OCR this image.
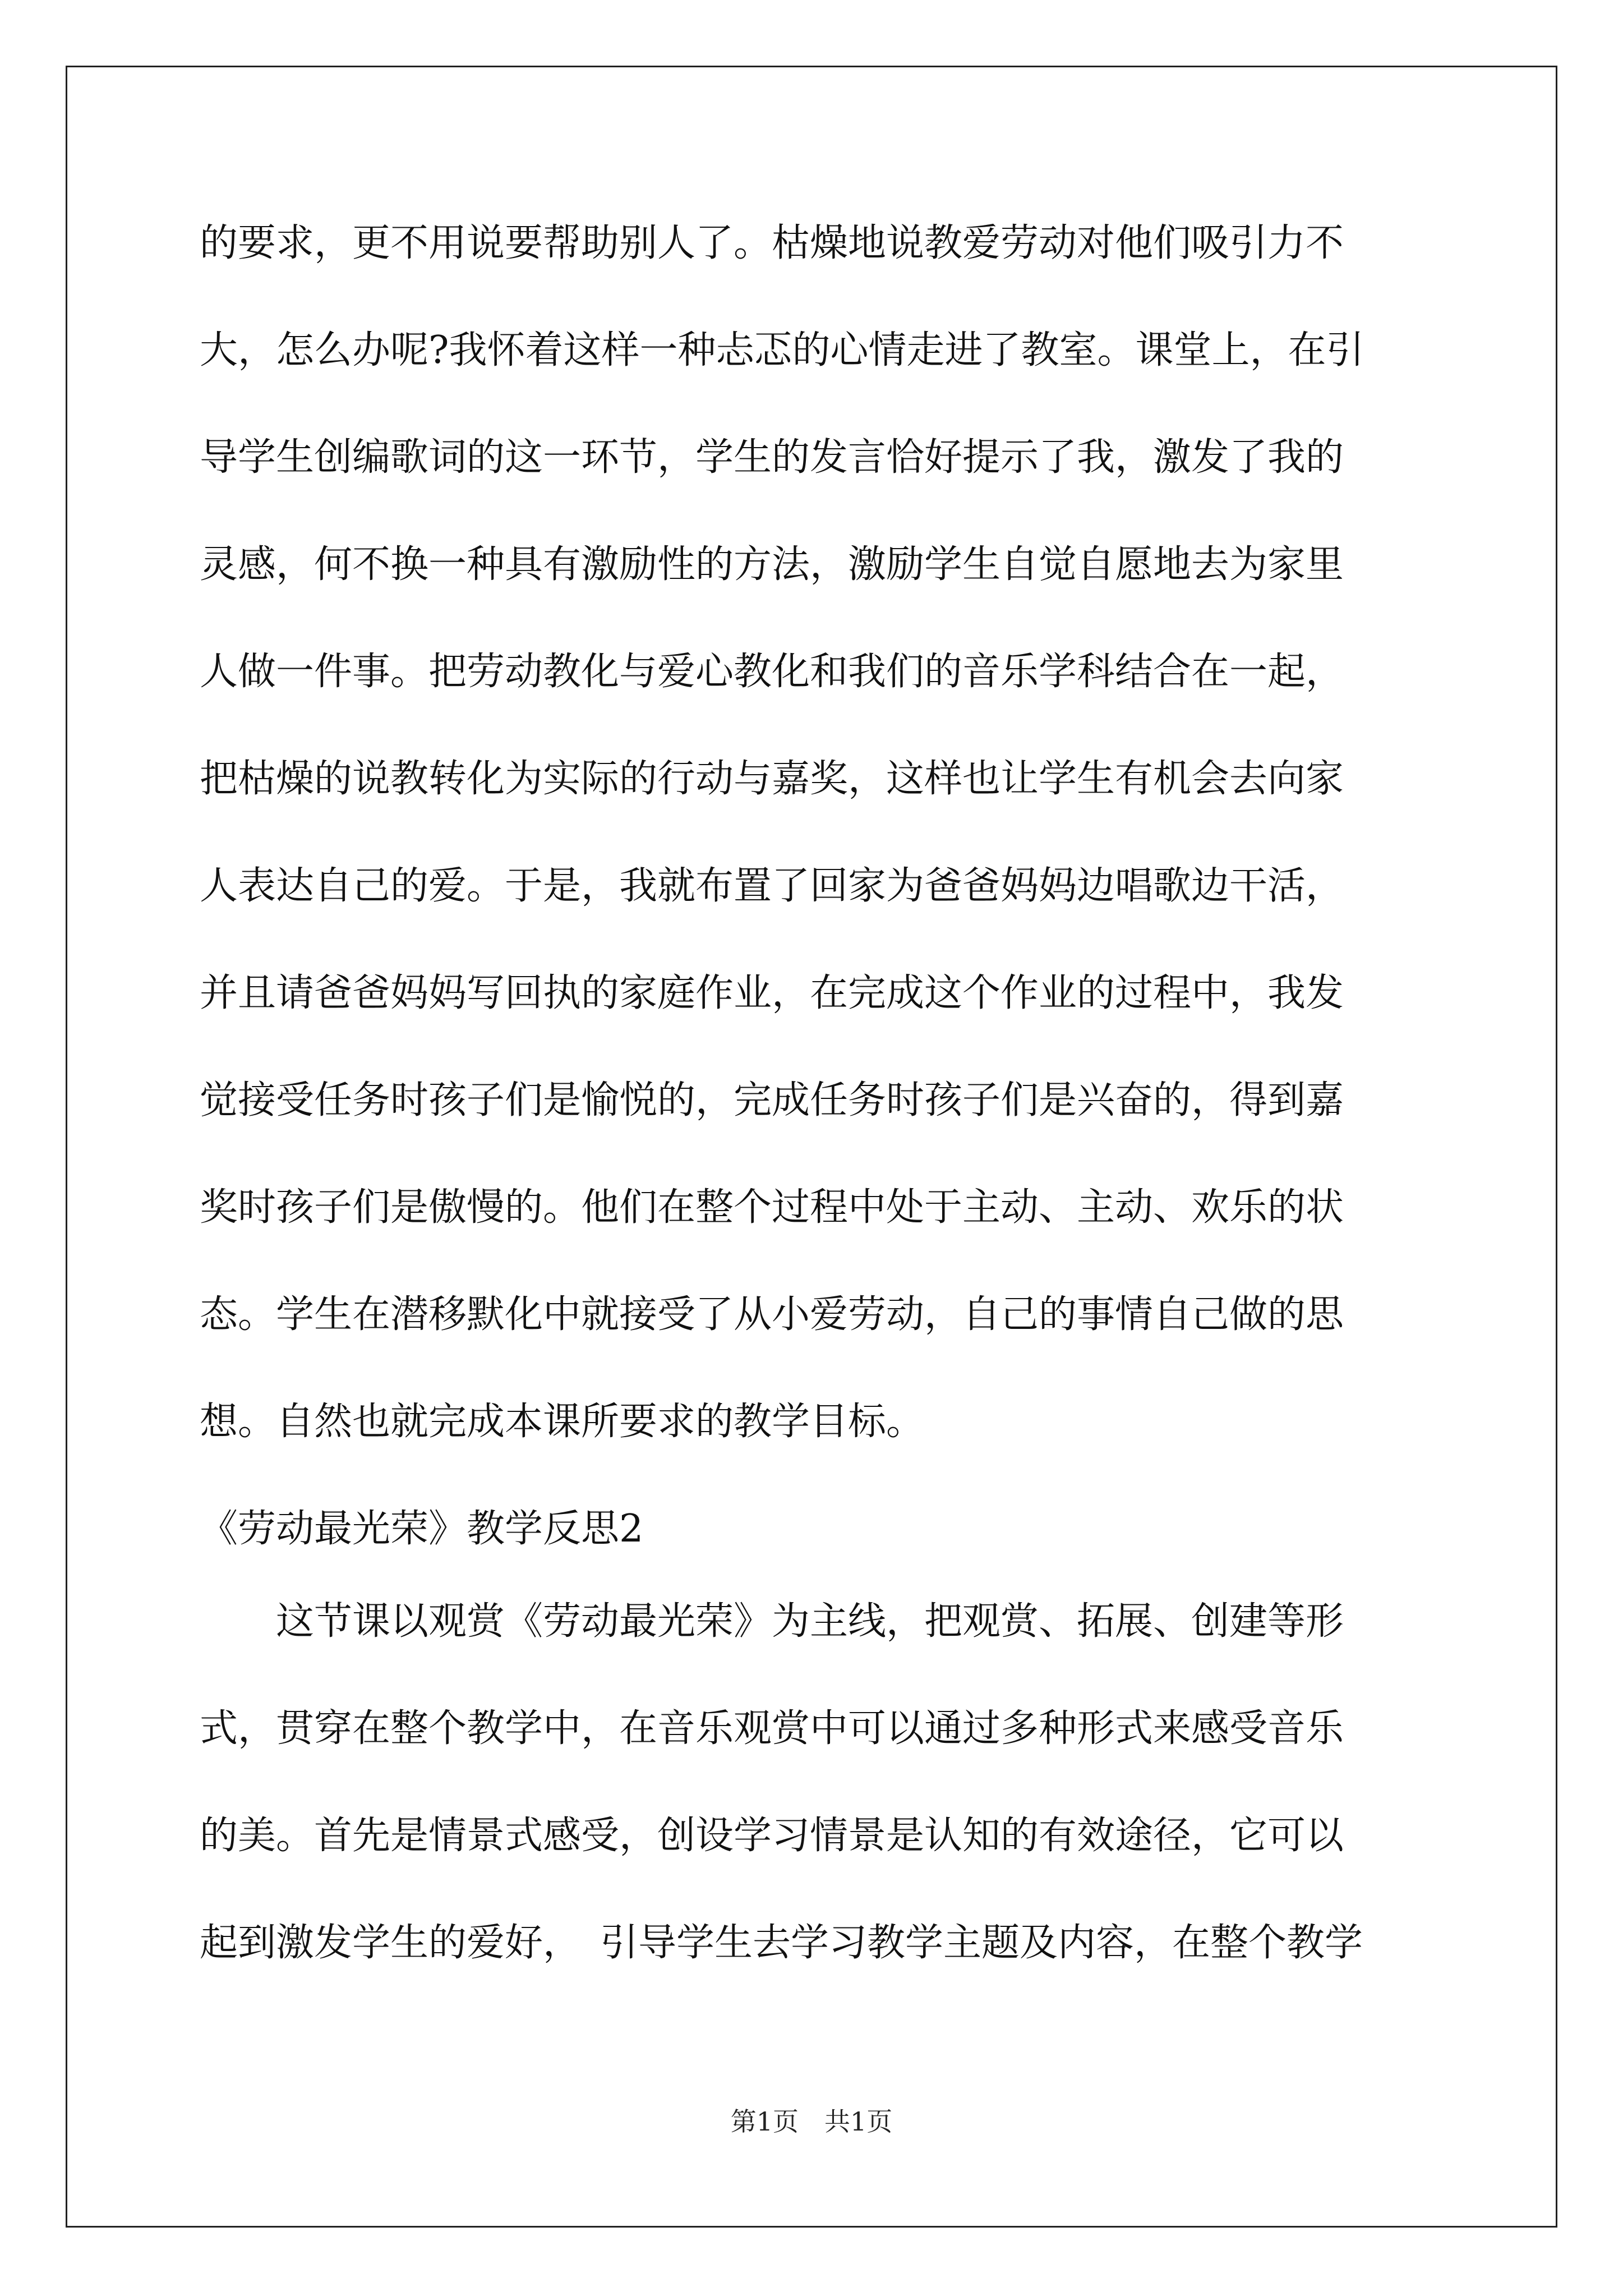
的要求，更不用说要帮助别人了。枯燥地说教爱劳动对他们吸引力不
大，怎么办呢?我怀着这样一种忐忑的心情走进了教室。课堂上，在引
导学生创编歌词的这一环节，学生的发言恰好提示了我，激发了我的
灵感，何不换一种具有激励性的方法，激励学生自觉自愿地去为家里
人做一件事。把劳动教化与爱心教化和我们的音乐学科结合在一起，
把枯燥的说教转化为实际的行动与嘉奖，这样也让学生有机会去向家
人表达自己的爱。于是，我就布置了回家为爸爸妈妈边唱歌边干活，
并且请爸爸妈妈写回执的家庭作业，在完成这个作业的过程中，我发
觉接受任务时孩子们是愉悦的，完成任务时孩子们是兴奋的，得到嘉
奖时孩子们是傲慢的。他们在整个过程中处于主动、主动、欢乐的状
态。学生在潜移默化中就接受了从小爱劳动，自己的事情自己做的思
想。自然也就完成本课所要求的教学目标。
《劳动最光荣》教学反思2
　　这节课以观赏《劳动最光荣》为主线，把观赏、拓展、创建等形
式，贯穿在整个教学中，在音乐观赏中可以通过多种形式来感受音乐
的美。首先是情景式感受，创设学习情景是认知的有效途径，它可以
起到激发学生的爱好，　引导学生去学习教学主题及内容，在整个教学
第1页　共1页
